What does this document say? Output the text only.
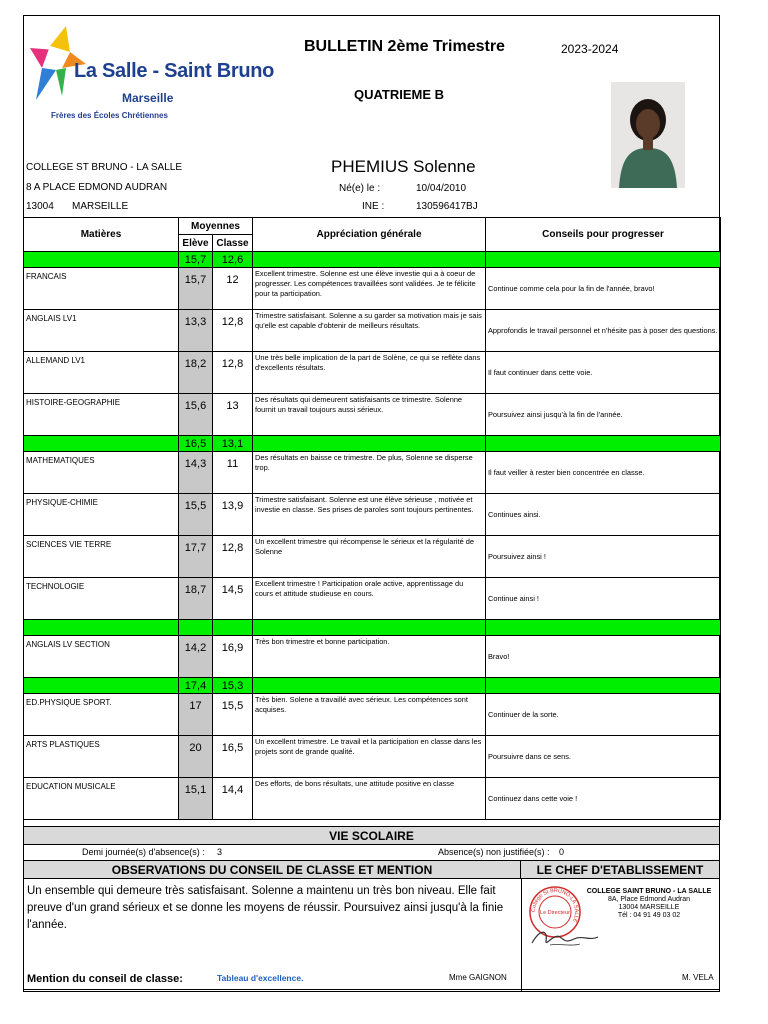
La Salle - Saint Bruno
Marseille
Frères des Écoles Chrétiennes
BULLETIN 2ème Trimestre	2023-2024
QUATRIEME B
COLLEGE ST BRUNO - LA SALLE
8 A PLACE EDMOND AUDRAN
13004 MARSEILLE
PHEMIUS Solenne
Né(e) le :	10/04/2010
INE :	130596417BJ
Matières	Moyennes		Appréciation générale	Conseils pour progresser
	Elève	Classe		
	15,7	12,6		
FRANCAIS	15,7	12	Excellent trimestre. Solenne est une élève investie qui a à coeur de progresser. Les compétences travaillées sont validées. Je te félicite pour ta participation.	Continue comme cela pour la fin de l'année, bravo!
ANGLAIS LV1	13,3	12,8	Trimestre satisfaisant. Solenne a su garder sa motivation mais je sais qu'elle est capable d'obtenir de meilleurs résultats.	Approfondis le travail personnel et n'hésite pas à poser des questions.
ALLEMAND LV1	18,2	12,8	Une très belle implication de la part de Solène, ce qui se reflète dans d'excellents résultats.	Il faut continuer dans cette voie.
HISTOIRE-GEOGRAPHIE	15,6	13	Des résultats qui demeurent satisfaisants ce trimestre. Solenne fournit un travail toujours aussi sérieux.	Poursuivez ainsi jusqu'à la fin de l'année.
	16,5	13,1		
MATHEMATIQUES	14,3	11	Des résultats en baisse ce trimestre. De plus, Solenne se disperse trop.	Il faut veiller à rester bien concentrée en classe.
PHYSIQUE-CHIMIE	15,5	13,9	Trimestre satisfaisant. Solenne est une élève sérieuse , motivée et investie en classe. Ses prises de paroles sont toujours pertinentes.	Continues ainsi.
SCIENCES VIE TERRE	17,7	12,8	Un excellent trimestre qui récompense le sérieux et la régularité de Solenne	Poursuivez ainsi !
TECHNOLOGIE	18,7	14,5	Excellent trimestre ! Participation orale active, apprentissage du cours et attitude studieuse en cours.	Continue ainsi !

ANGLAIS LV SECTION	14,2	16,9	Très bon trimestre et bonne participation.	Bravo!
	17,4	15,3		
ED.PHYSIQUE SPORT.	17	15,5	Très bien. Solene a travaillé avec sérieux. Les compétences sont acquises.	Continuer de la sorte.
ARTS PLASTIQUES	20	16,5	Un excellent trimestre. Le travail et la participation en classe dans les projets sont de grande qualité.	Poursuivre dans ce sens.
EDUCATION MUSICALE	15,1	14,4	Des efforts, de bons résultats, une attitude positive en classe	Continuez dans cette voie !
VIE SCOLAIRE
Demi journée(s) d'absence(s) : 3	Absence(s) non justifiée(s) : 0
OBSERVATIONS DU CONSEIL DE CLASSE ET MENTION	LE CHEF D'ETABLISSEMENT
Un ensemble qui demeure très satisfaisant. Solenne a maintenu un très bon niveau. Elle fait preuve d'un grand sérieux et se donne les moyens de réussir. Poursuivez ainsi jusqu'à la finie l'année.
Collège St BRUNO-LA SALLE
Le Directeur
COLLEGE SAINT BRUNO - LA SALLE
8A, Place Edmond Audran
13004 MARSEILLE
Tél : 04 91 49 03 02
M. VELA
Mention du conseil de classe:	Tableau d'excellence.	Mme GAIGNON
